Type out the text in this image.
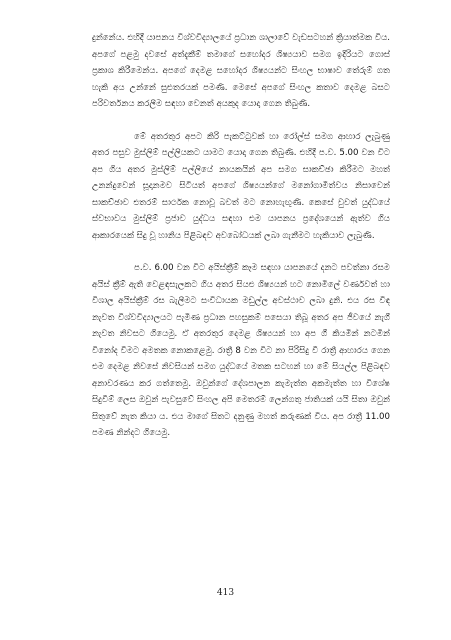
දුන්නේය. එහිදී යාපනය විශ්වවිද්‍යාලයේ ප්‍රධාන ශාලාවේ වැඩසටහන් ක්‍රියාත්මක විය. අපගේ පළමු දවසේ අත්දැකීම් තමාගේ සහෝදර ශිෂ්‍යයාව සමග ඉදිරියට ගොස් ප්‍රකාශ කිරීමෙන්ය. අපගේ දෙමළ සහෝදර ශිෂ්‍යයන්ට සිංහල භාෂාව තේරුම් ගත හැකි අය උන්නේ සුළුතරයක් පමණි. මෙසේ අපගේ සිංහල කතාව දෙමළ බසට පරිවර්තනය කරලීම සඳහා වෙනත් අයකුද යොදා ගෙන තිබුණි.

මේ අතරතුර අපට කිරි පැකට්ටුවක් හා රෝල්ස් සමග ආහාර ලැබුණු අතර පසුව මුස්ලිම් පල්ලියකට යාමට යොදා ගෙන තිබුණි. එහිදී ප.ව. 5.00 වන විට අප ගිය අතර මුස්ලිම් පල්ලියේ නායකයින් අප සමග සාකච්ඡා කිරීමට මහත් උනන්දුවෙන් සූදානමව සිටියත් අපගේ ශිෂ්‍යයන්ගේ මනෝගාමීත්වය නිසාවෙන් සාකච්ඡාව එතරම් සාර්ථක නොවූ බවත් මට නොහැඟුණි. කෙසේ වුවත් යුද්ධයේ ස්වභාවය මුස්ලිම් ප්‍රජාව යුද්ධය සඳහා එම යාපනය ප්‍රදේශයෙන් ඇත්ව ගිය ආකාරයෙක් සිදු වූ හානිය පිළිබඳව අවබෝධයක් ලබා ගැනීමට හැකියාව ලැබුණි.

ප.ව. 6.00 වන විට අයිස්ක්‍රීම් කෑම සඳහා යාපනයේ දනට පවත්නා රසම අයිස් ක්‍රීම් ඇති වෙළඳසැලකට ගිය අතර සියළු ශිෂ්‍යයන් හට නොමිලේ වර්ණවත් හා විශාල අයිස්ක්‍රීම් රස බැලීමට සංවිධායක මඩුල්ල අවස්ථාව ලබා දුනි. එය රස විඳ නැවත විශ්වවිද්‍යාලයට පැමිණ ප්‍රධාන පහසුකම් පසෙයා තිබූ අතර අප ජීවයේ නැගී නැවත නිවසට ගියෙමු. ඒ අතරතුර දෙමළ ශිෂ්‍යයන් හා අප ගී කියමින් නටමින් විනෝද වීමට අමතක නොකළෙමු. රාත්‍රී 8 වන විට නා පිරිසිදු වී රාත්‍රී ආහාරය ගෙන එම දෙමළ නිවසේ නිවසියන් සමග යුද්ධයේ මතක සටහන් හා මේ සියල්ල පිළිබඳව අනාවරණය කර ගත්තෙමු. ඔවුන්ගේ දේශපාලන කැමැත්ත අකමැත්ත හා විශේෂ සිදුවීම් ලෙස ඔවුන් පැවසුවේ සිංහල අපි මෙතරම් ලෙන්ගතු ජාතියක් යයි සිතා ඔවුන් සිතුවේ නැත කියා ය. එය මාගේ සිතට දනුණු මහත් කරුණක් විය. අප රාත්‍රී 11.00 පමණ නින්දට ගියෙමු.

413
